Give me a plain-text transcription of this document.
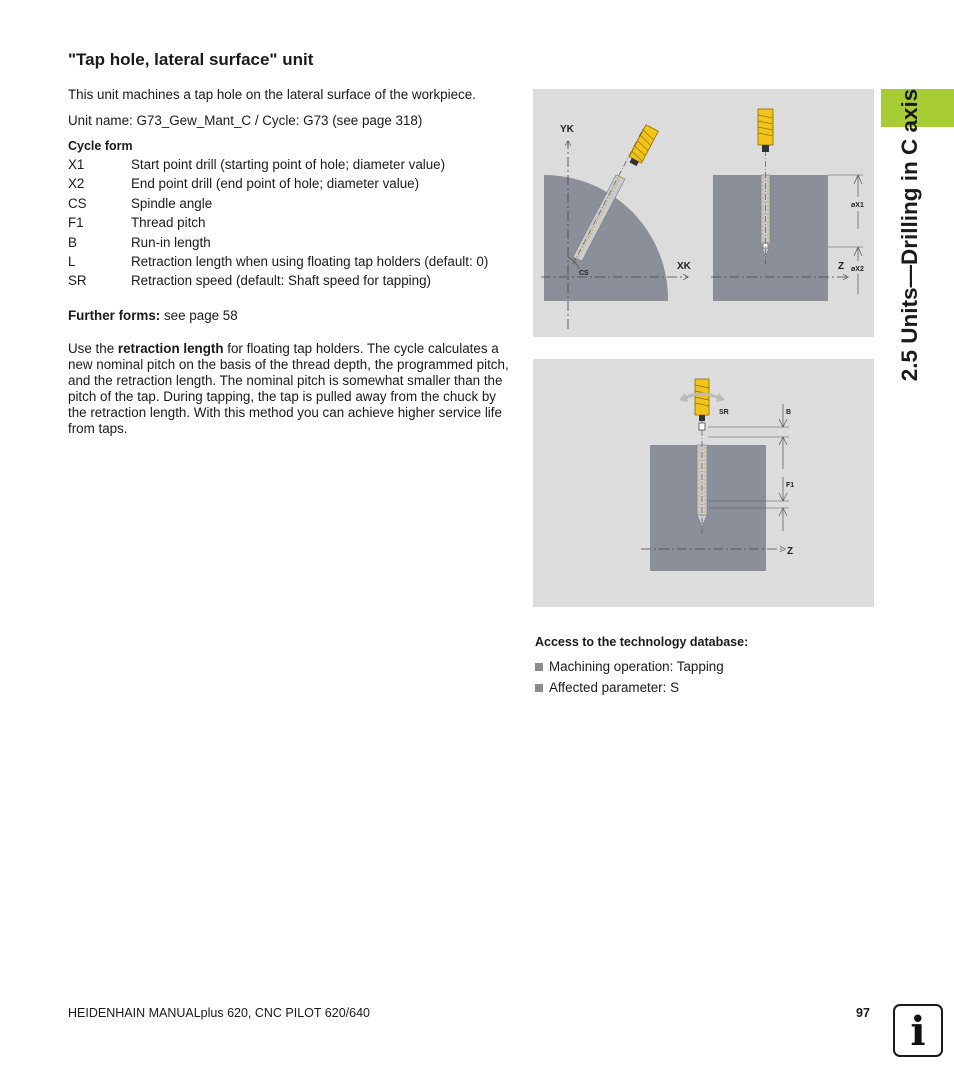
"Tap hole, lateral surface" unit
This unit machines a tap hole on the lateral surface of the workpiece.
Unit name: G73_Gew_Mant_C / Cycle: G73 (see page 318)
Cycle form
X1	Start point drill (starting point of hole; diameter value)
X2	End point drill (end point of hole; diameter value)
CS	Spindle angle
F1	Thread pitch
B	Run-in length
L	Retraction length when using floating tap holders (default: 0)
SR	Retraction speed (default: Shaft speed for tapping)
Further forms: see page 58
Use the retraction length for floating tap holders. The cycle calculates a new nominal pitch on the basis of the thread depth, the programmed pitch, and the retraction length. The nominal pitch is somewhat smaller than the pitch of the tap. During tapping, the tap is pulled away from the chuck by the retraction length. With this method you can achieve higher service life from taps.
YK
XK
CS
Z
øX1
øX2
SR	B
F1
Z
2.5 Units—Drilling in C axis
Access to the technology database:
Machining operation: Tapping
Affected parameter: S
HEIDENHAIN MANUALplus 620, CNC PILOT 620/640	97	i
